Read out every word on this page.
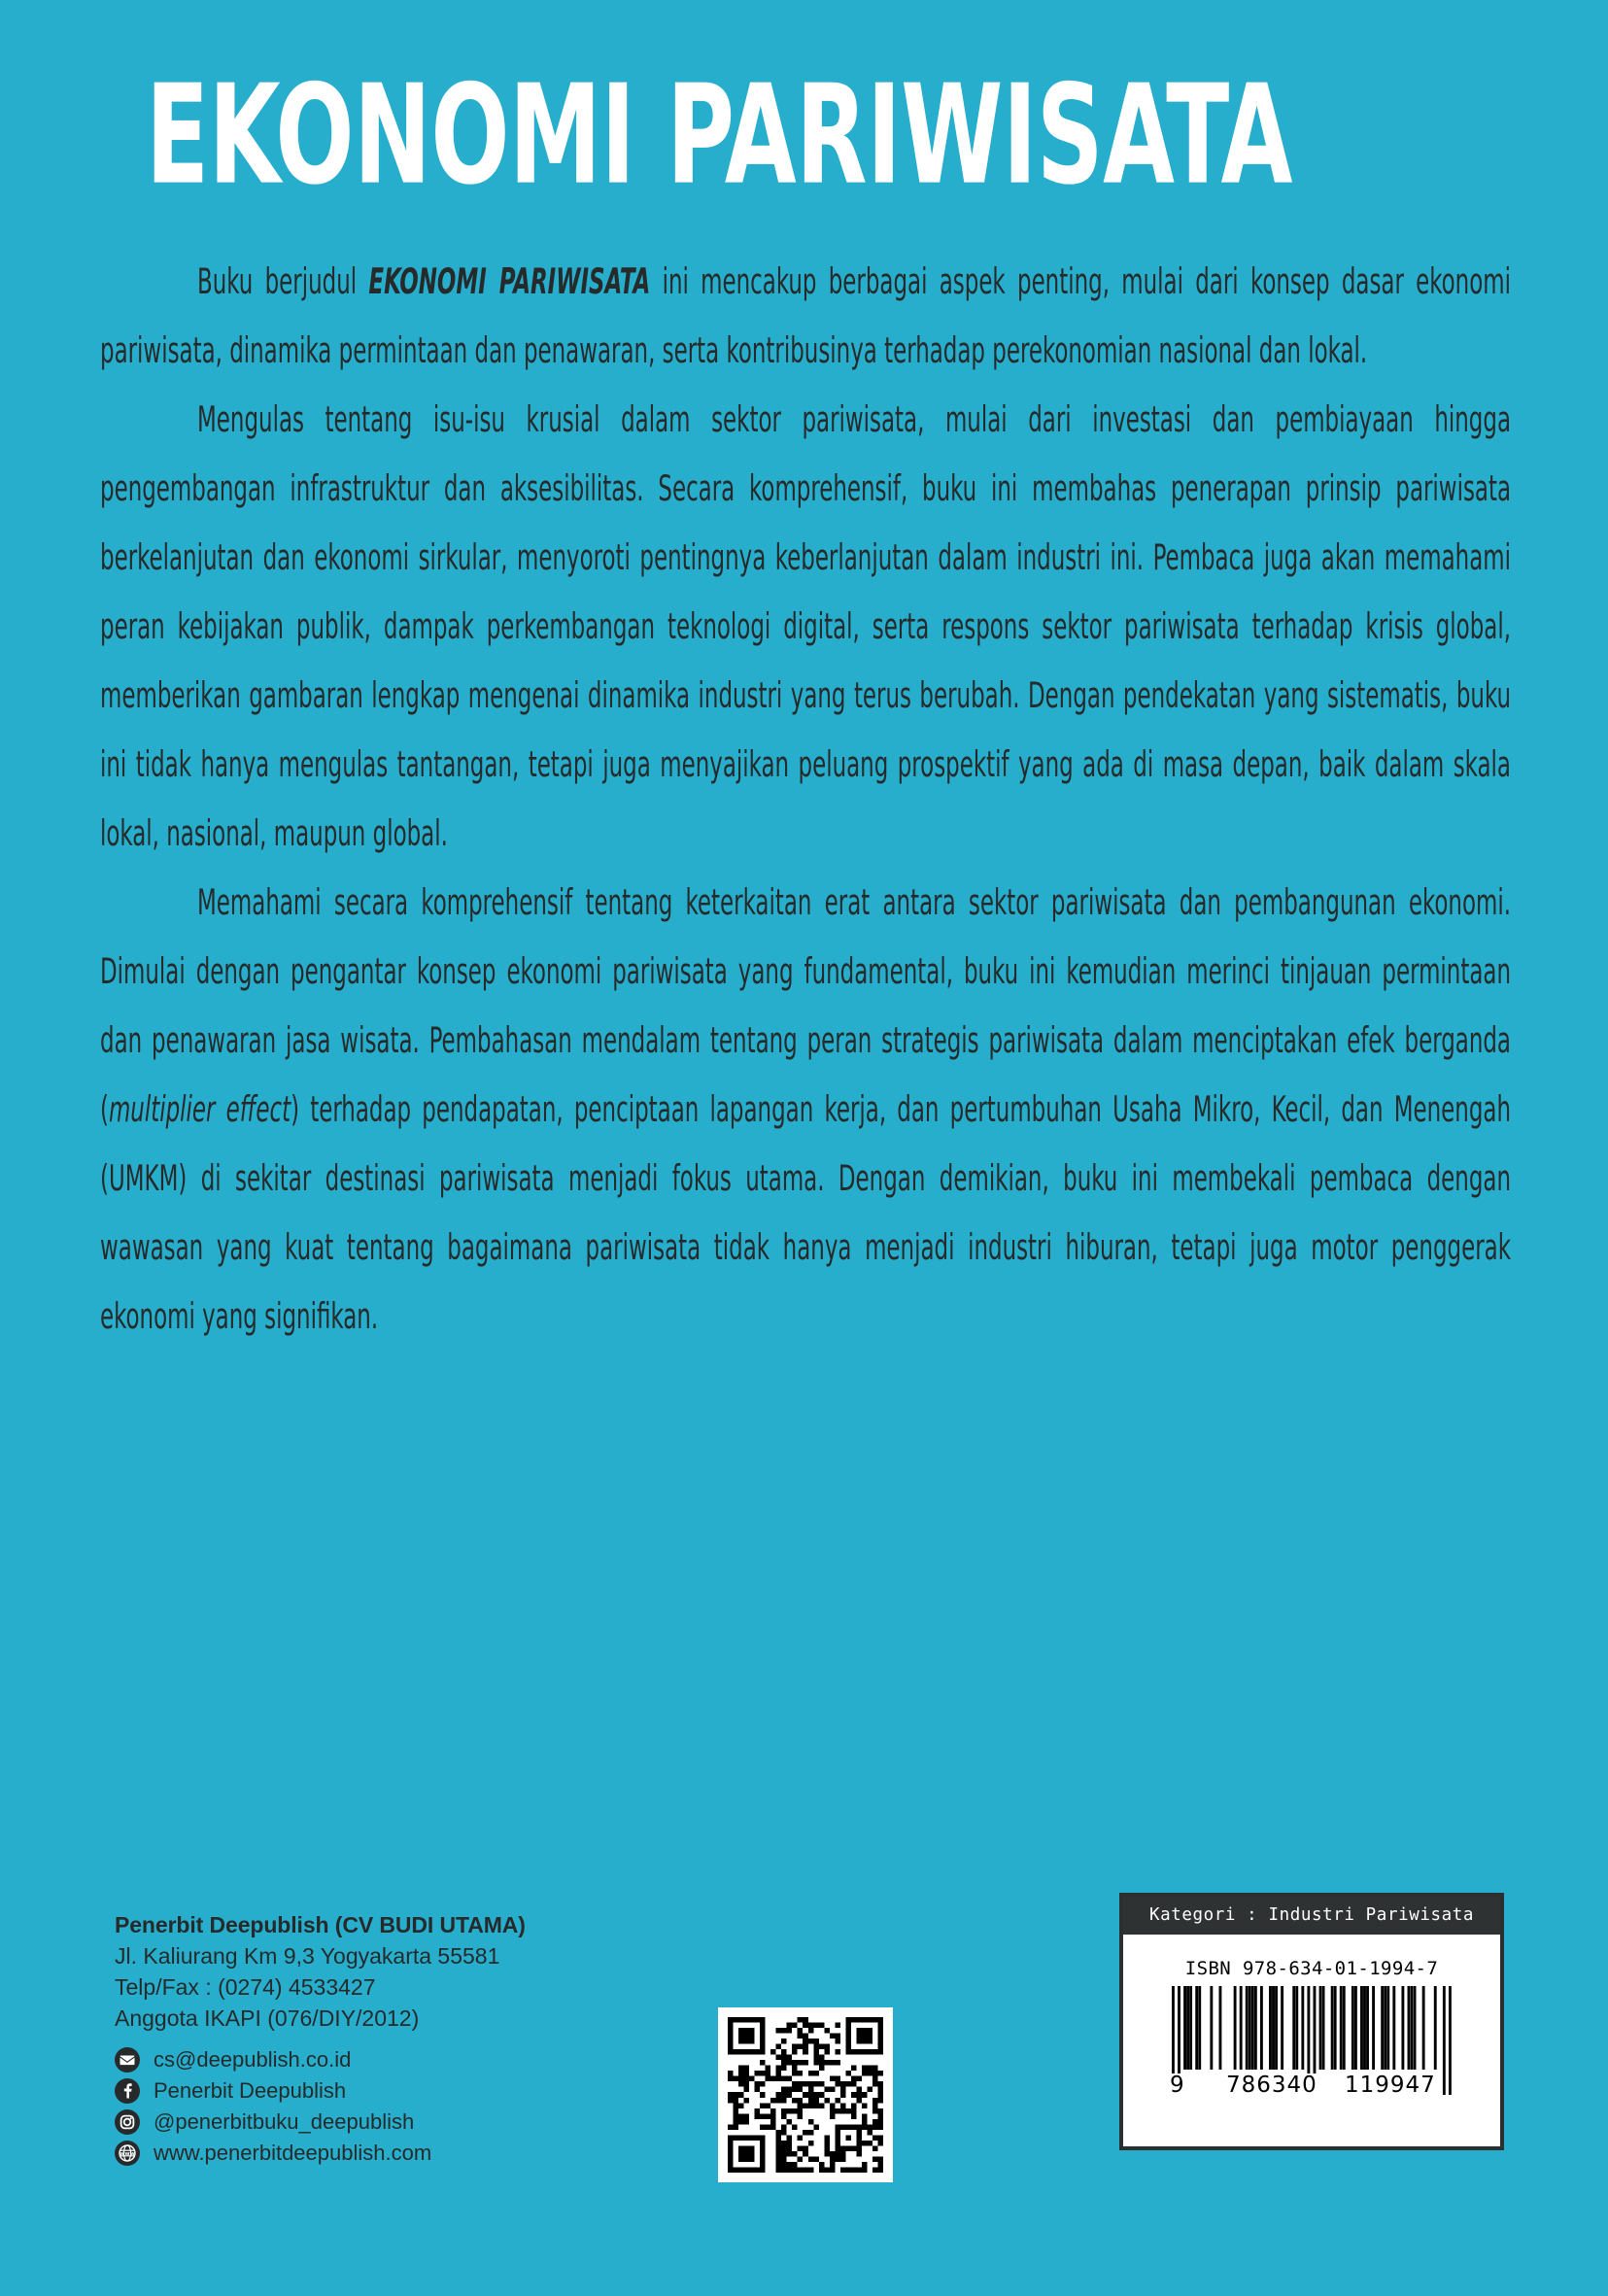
EKONOMI PARIWISATA

Buku berjudul EKONOMI PARIWISATA ini mencakup berbagai aspek penting, mulai dari konsep dasar ekonomi pariwisata, dinamika permintaan dan penawaran, serta kontribusinya terhadap perekonomian nasional dan lokal.

Mengulas tentang isu-isu krusial dalam sektor pariwisata, mulai dari investasi dan pembiayaan hingga pengembangan infrastruktur dan aksesibilitas. Secara komprehensif, buku ini membahas penerapan prinsip pariwisata berkelanjutan dan ekonomi sirkular, menyoroti pentingnya keberlanjutan dalam industri ini. Pembaca juga akan memahami peran kebijakan publik, dampak perkembangan teknologi digital, serta respons sektor pariwisata terhadap krisis global, memberikan gambaran lengkap mengenai dinamika industri yang terus berubah. Dengan pendekatan yang sistematis, buku ini tidak hanya mengulas tantangan, tetapi juga menyajikan peluang prospektif yang ada di masa depan, baik dalam skala lokal, nasional, maupun global.

Memahami secara komprehensif tentang keterkaitan erat antara sektor pariwisata dan pembangunan ekonomi. Dimulai dengan pengantar konsep ekonomi pariwisata yang fundamental, buku ini kemudian merinci tinjauan permintaan dan penawaran jasa wisata. Pembahasan mendalam tentang peran strategis pariwisata dalam menciptakan efek berganda (multiplier effect) terhadap pendapatan, penciptaan lapangan kerja, dan pertumbuhan Usaha Mikro, Kecil, dan Menengah (UMKM) di sekitar destinasi pariwisata menjadi fokus utama. Dengan demikian, buku ini membekali pembaca dengan wawasan yang kuat tentang bagaimana pariwisata tidak hanya menjadi industri hiburan, tetapi juga motor penggerak ekonomi yang signifikan.

Penerbit Deepublish (CV BUDI UTAMA)
Jl. Kaliurang Km 9,3 Yogyakarta 55581
Telp/Fax : (0274) 4533427
Anggota IKAPI (076/DIY/2012)
cs@deepublish.co.id
Penerbit Deepublish
@penerbitbuku_deepublish
www www.penerbitdeepublish.com
Kategori : Industri Pariwisata
ISBN 978-634-01-1994-7
9 786340 119947
